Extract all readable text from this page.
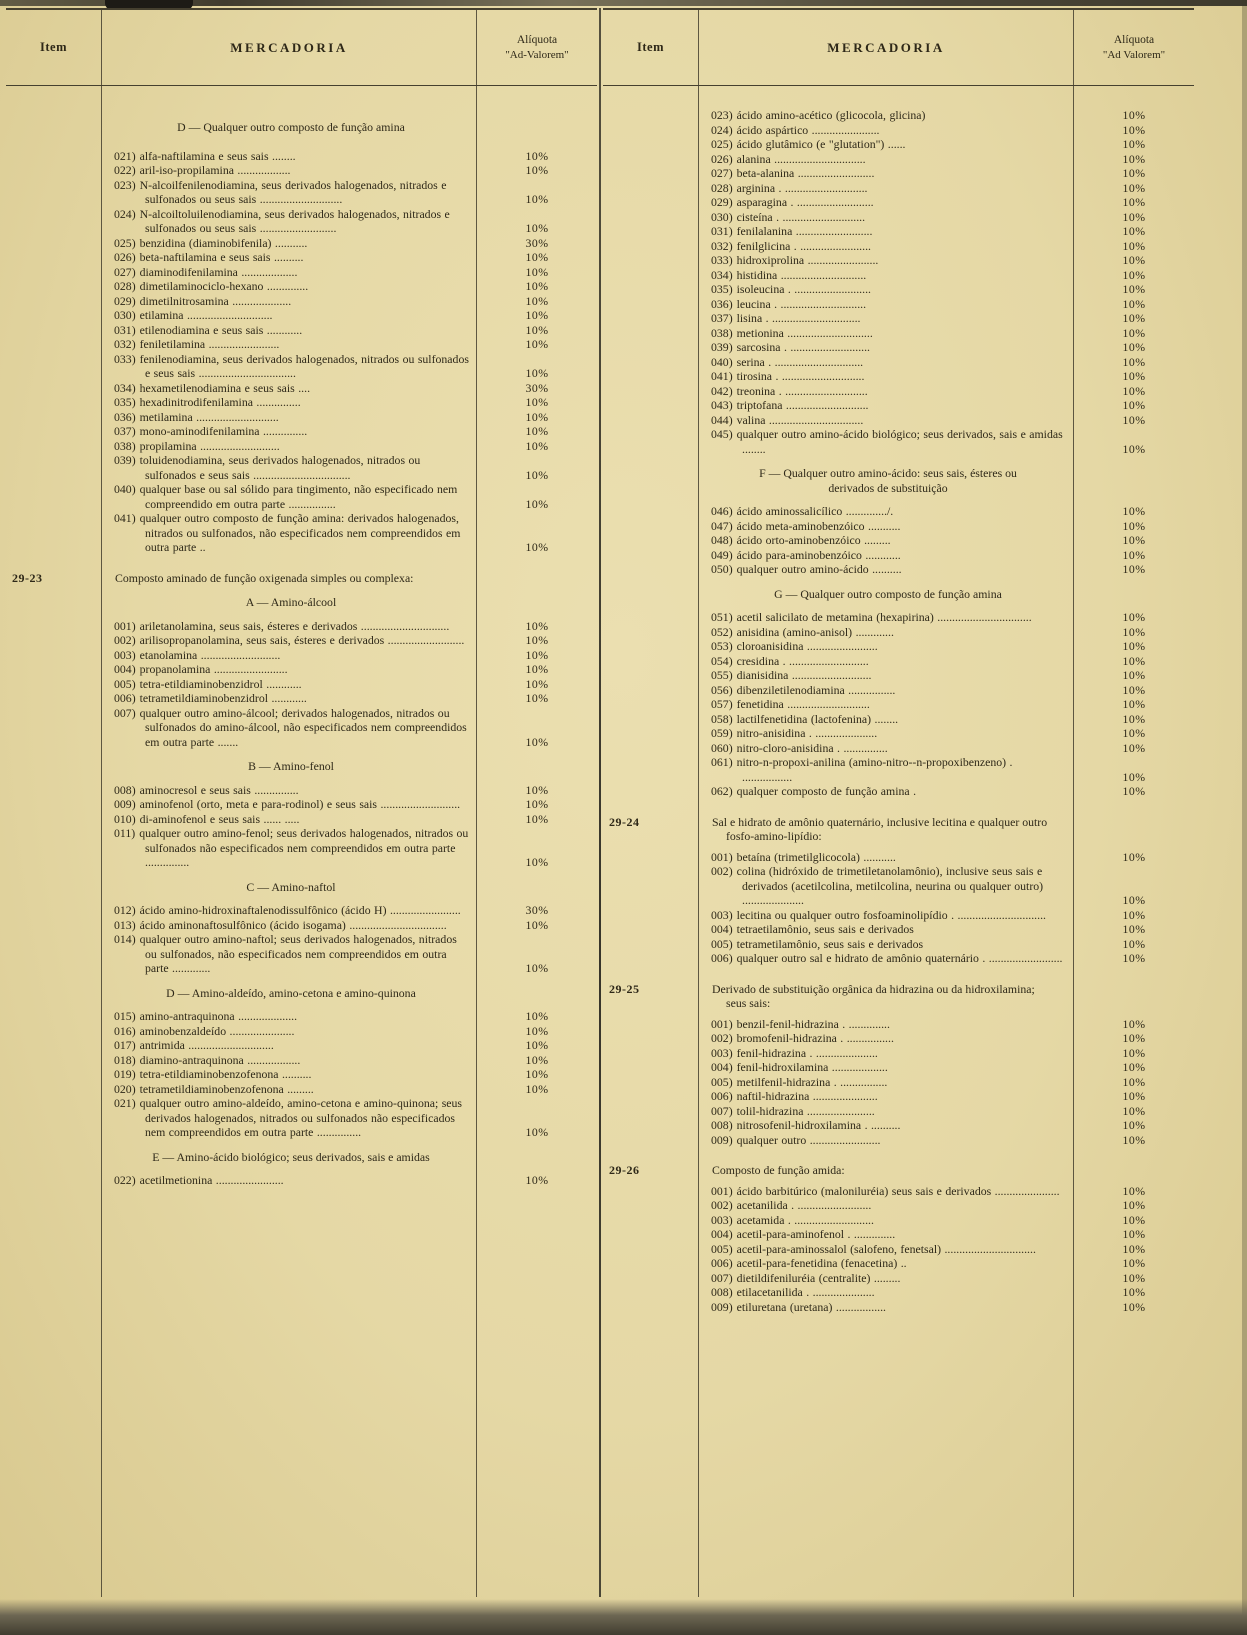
Item	MERCADORIA	Alíquota
"Ad-Valorem"
D — Qualquer outro composto de função amina
021) alfa-naftilamina e seus sais ........	10%
022) aril-iso-propilamina ..................	10%
023) N-alcoilfenilenodiamina, seus derivados halogenados, nitrados e sulfonados ou seus sais ............................	10%
024) N-alcoiltoluilenodiamina, seus derivados halogenados, nitrados e sulfonados ou seus sais ..........................	10%
025) benzidina (diaminobifenila) ...........	30%
026) beta-naftilamina e seus sais ..........	10%
027) diaminodifenilamina ...................	10%
028) dimetilaminociclo-hexano ..............	10%
029) dimetilnitrosamina ....................	10%
030) etilamina .............................	10%
031) etilenodiamina e seus sais ............	10%
032) feniletilamina ........................	10%
033) fenilenodiamina, seus derivados halogenados, nitrados ou sulfonados e seus sais .................................	10%
034) hexametilenodiamina e seus sais ....	30%
035) hexadinitrodifenilamina ...............	10%
036) metilamina ............................	10%
037) mono-aminodifenilamina ...............	10%
038) propilamina ...........................	10%
039) toluidenodiamina, seus derivados halogenados, nitrados ou sulfonados e seus sais .................................	10%
040) qualquer base ou sal sólido para tingimento, não especificado nem compreendido em outra parte ................	10%
041) qualquer outro composto de função amina: derivados halogenados, nitrados ou sulfonados, não especificados nem compreendidos em outra parte ..	10%
29-23	Composto aminado de função oxigenada simples ou complexa:
A — Amino-álcool
001) ariletanolamina, seus sais, ésteres e derivados ..............................	10%
002) arilisopropanolamina, seus sais, ésteres e derivados ..........................	10%
003) etanolamina ...........................	10%
004) propanolamina .........................	10%
005) tetra-etildiaminobenzidrol ............	10%
006) tetrametildiaminobenzidrol ............	10%
007) qualquer outro amino-álcool; derivados halogenados, nitrados ou sulfonados do amino-álcool, não especificados nem compreendidos em outra parte .......	10%
B — Amino-fenol
008) aminocresol e seus sais ...............	10%
009) aminofenol (orto, meta e para-rodinol) e seus sais ...........................	10%
010) di-aminofenol e seus sais ...... .....	10%
011) qualquer outro amino-fenol; seus derivados halogenados, nitrados ou sulfonados não especificados nem compreendidos em outra parte ...............	10%
C — Amino-naftol
012) ácido amino-hidroxinaftalenodissulfônico (ácido H) ........................	30%
013) ácido aminonaftosulfônico (ácido isogama) .................................	10%
014) qualquer outro amino-naftol; seus derivados halogenados, nitrados ou sulfonados, não especificados nem compreendidos em outra parte .............	10%
D — Amino-aldeído, amino-cetona e amino-quinona
015) amino-antraquinona ....................	10%
016) aminobenzaldeído ......................	10%
017) antrimida .............................	10%
018) diamino-antraquinona ..................	10%
019) tetra-etildiaminobenzofenona ..........	10%
020) tetrametildiaminobenzofenona .........	10%
021) qualquer outro amino-aldeído, amino-cetona e amino-quinona; seus derivados halogenados, nitrados ou sulfonados não especificados nem compreendidos em outra parte ...............	10%
E — Amino-ácido biológico; seus derivados, sais e amidas
022) acetilmetionina .......................	10%
Item	MERCADORIA	Alíquota
"Ad Valorem"
023) ácido amino-acético (glicocola, glicina)	10%
024) ácido aspártico .......................	10%
025) ácido glutâmico (e "glutation") ......	10%
026) alanina ...............................	10%
027) beta-alanina ..........................	10%
028) arginina . ............................	10%
029) asparagina . ..........................	10%
030) cisteína . ............................	10%
031) fenilalanina ..........................	10%
032) fenilglicina . ........................	10%
033) hidroxiprolina ........................	10%
034) histidina .............................	10%
035) isoleucina . ..........................	10%
036) leucina . .............................	10%
037) lisina . ..............................	10%
038) metionina .............................	10%
039) sarcosina . ...........................	10%
040) serina . ..............................	10%
041) tirosina . ............................	10%
042) treonina . ............................	10%
043) triptofana ............................	10%
044) valina ................................	10%
045) qualquer outro amino-ácido biológico; seus derivados, sais e amidas ........	10%
F — Qualquer outro amino-ácido: seus sais, ésteres ou derivados de substituição
046) ácido aminossalicílico ............../.	10%
047) ácido meta-aminobenzóico ...........	10%
048) ácido orto-aminobenzóico .........	10%
049) ácido para-aminobenzóico ............	10%
050) qualquer outro amino-ácido ..........	10%
G — Qualquer outro composto de função amina
051) acetil salicilato de metamina (hexapirina) ................................	10%
052) anisidina (amino-anisol) .............	10%
053) cloroanisidina ........................	10%
054) cresidina . ...........................	10%
055) dianisidina ...........................	10%
056) dibenziletilenodiamina ................	10%
057) fenetidina ............................	10%
058) lactilfenetidina (lactofenina) ........	10%
059) nitro-anisidina . .....................	10%
060) nitro-cloro-anisidina . ...............	10%
061) nitro-n-propoxi-anilina (amino-nitro--n-propoxibenzeno) . .................	10%
062) qualquer composto de função amina .	10%
29-24	Sal e hidrato de amônio quaternário, inclusive lecitina e qualquer outro fosfo-amino-lipídio:
001) betaína (trimetilglicocola) ...........	10%
002) colina (hidróxido de trimetiletanolamônio), inclusive seus sais e derivados (acetilcolina, metilcolina, neurina ou qualquer outro) .....................	10%
003) lecitina ou qualquer outro fosfoaminolipídio . ..............................	10%
004) tetraetilamônio, seus sais e derivados	10%
005) tetrametilamônio, seus sais e derivados	10%
006) qualquer outro sal e hidrato de amônio quaternário . .........................	10%
29-25	Derivado de substituição orgânica da hidrazina ou da hidroxilamina; seus sais:
001) benzil-fenil-hidrazina . ..............	10%
002) bromofenil-hidrazina . ................	10%
003) fenil-hidrazina . .....................	10%
004) fenil-hidroxilamina ...................	10%
005) metilfenil-hidrazina . ................	10%
006) naftil-hidrazina ......................	10%
007) tolil-hidrazina .......................	10%
008) nitrosofenil-hidroxilamina . ..........	10%
009) qualquer outro ........................	10%
29-26	Composto de função amida:
001) ácido barbitúrico (maloniluréia) seus sais e derivados ......................	10%
002) acetanilida . .........................	10%
003) acetamida . ...........................	10%
004) acetil-para-aminofenol . ..............	10%
005) acetil-para-aminossalol (salofeno, fenetsal) ...............................	10%
006) acetil-para-fenetidina (fenacetina) ..	10%
007) dietildifeniluréia (centralite) .........	10%
008) etilacetanilida . .....................	10%
009) etiluretana (uretana) .................	10%
